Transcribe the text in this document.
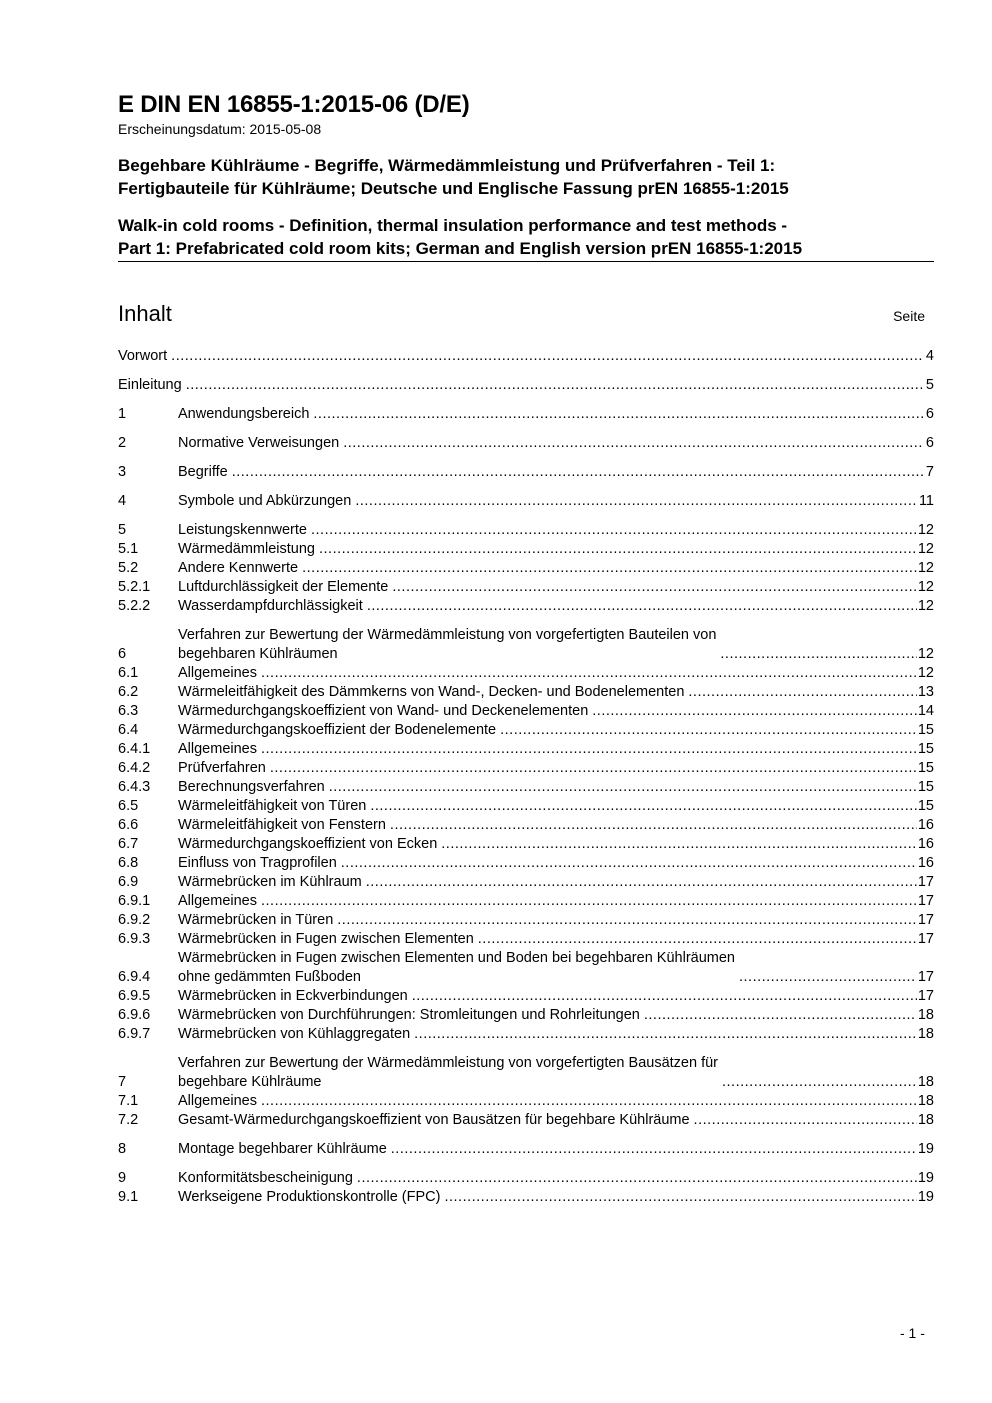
E DIN EN 16855-1:2015-06 (D/E)

Erscheinungsdatum: 2015-05-08

Begehbare Kühlräume - Begriffe, Wärmedämmleistung und Prüfverfahren - Teil 1:
Fertigbauteile für Kühlräume; Deutsche und Englische Fassung prEN 16855-1:2015

Walk-in cold rooms - Definition, thermal insulation performance and test methods -
Part 1: Prefabricated cold room kits; German and English version prEN 16855-1:2015

Inhalt	Seite
Vorwort .....	4
Einleitung .....	5
1	Anwendungsbereich .....	6
2	Normative Verweisungen .....	6
3	Begriffe .....	7
4	Symbole und Abkürzungen .....	11
5	Leistungskennwerte .....	12
5.1	Wärmedämmleistung .....	12
5.2	Andere Kennwerte .....	12
5.2.1	Luftdurchlässigkeit der Elemente .....	12
5.2.2	Wasserdampfdurchlässigkeit .....	12
6
Verfahren zur Bewertung der Wärmedämmleistung von vorgefertigten Bauteilen von
begehbaren Kühlräumen .....	12
6.1	Allgemeines .....	12
6.2	Wärmeleitfähigkeit des Dämmkerns von Wand-, Decken- und Bodenelementen .....	13
6.3	Wärmedurchgangskoeffizient von Wand- und Deckenelementen .....	14
6.4	Wärmedurchgangskoeffizient der Bodenelemente .....	15
6.4.1	Allgemeines .....	15
6.4.2	Prüfverfahren .....	15
6.4.3	Berechnungsverfahren .....	15
6.5	Wärmeleitfähigkeit von Türen .....	15
6.6	Wärmeleitfähigkeit von Fenstern .....	16
6.7	Wärmedurchgangskoeffizient von Ecken .....	16
6.8	Einfluss von Tragprofilen .....	16
6.9	Wärmebrücken im Kühlraum .....	17
6.9.1	Allgemeines .....	17
6.9.2	Wärmebrücken in Türen .....	17
6.9.3	Wärmebrücken in Fugen zwischen Elementen .....	17
6.9.4
Wärmebrücken in Fugen zwischen Elementen und Boden bei begehbaren Kühlräumen
ohne gedämmten Fußboden .....	17
6.9.5	Wärmebrücken in Eckverbindungen .....	17
6.9.6	Wärmebrücken von Durchführungen: Stromleitungen und Rohrleitungen .....	18
6.9.7	Wärmebrücken von Kühlaggregaten .....	18
7
Verfahren zur Bewertung der Wärmedämmleistung von vorgefertigten Bausätzen für
begehbare Kühlräume .....	18
7.1	Allgemeines .....	18
7.2	Gesamt-Wärmedurchgangskoeffizient von Bausätzen für begehbare Kühlräume .....	18
8	Montage begehbarer Kühlräume .....	19
9	Konformitätsbescheinigung .....	19
9.1	Werkseigene Produktionskontrolle (FPC) .....	19
- 1 -
